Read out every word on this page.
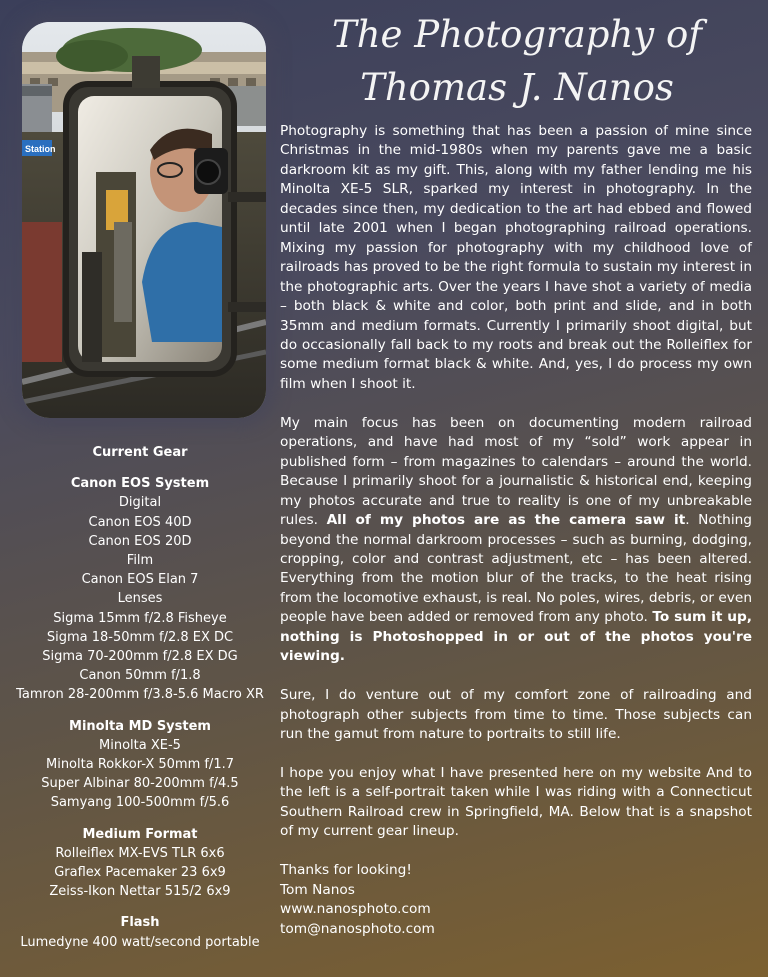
The Photography of
Thomas J. Nanos
Station
Current Gear
Canon EOS System
Digital
Canon EOS 40D
Canon EOS 20D
Film
Canon EOS Elan 7
Lenses
Sigma 15mm f/2.8 Fisheye
Sigma 18-50mm f/2.8 EX DC
Sigma 70-200mm f/2.8 EX DG
Canon 50mm f/1.8
Tamron 28-200mm f/3.8-5.6 Macro XR
Minolta MD System
Minolta XE-5
Minolta Rokkor-X 50mm f/1.7
Super Albinar 80-200mm f/4.5
Samyang 100-500mm f/5.6
Medium Format
Rolleiflex MX-EVS TLR 6x6
Graflex Pacemaker 23 6x9
Zeiss-Ikon Nettar 515/2 6x9
Flash
Lumedyne 400 watt/second portable

Photography is something that has been a passion of mine since Christmas in the mid-1980s when my parents gave me a basic darkroom kit as my gift. This, along with my father lending me his Minolta XE-5 SLR, sparked my interest in photography. In the decades since then, my dedication to the art had ebbed and flowed until late 2001 when I began photographing railroad operations. Mixing my passion for photography with my childhood love of railroads has proved to be the right formula to sustain my interest in the photographic arts. Over the years I have shot a variety of media – both black & white and color, both print and slide, and in both 35mm and medium formats. Currently I primarily shoot digital, but do occasionally fall back to my roots and break out the Rolleiflex for some medium format black & white. And, yes, I do process my own film when I shoot it.

My main focus has been on documenting modern railroad operations, and have had most of my “sold” work appear in published form – from magazines to calendars – around the world. Because I primarily shoot for a journalistic & historical end, keeping my photos accurate and true to reality is one of my unbreakable rules. All of my photos are as the camera saw it. Nothing beyond the normal darkroom processes – such as burning, dodging, cropping, color and contrast adjustment, etc – has been altered. Everything from the motion blur of the tracks, to the heat rising from the locomotive exhaust, is real. No poles, wires, debris, or even people have been added or removed from any photo. To sum it up, nothing is Photoshopped in or out of the photos you're viewing.

Sure, I do venture out of my comfort zone of railroading and photograph other subjects from time to time. Those subjects can run the gamut from nature to portraits to still life.

I hope you enjoy what I have presented here on my website And to the left is a self-portrait taken while I was riding with a Connecticut Southern Railroad crew in Springfield, MA. Below that is a snapshot of my current gear lineup.

Thanks for looking!
Tom Nanos
www.nanosphoto.com
tom@nanosphoto.com
